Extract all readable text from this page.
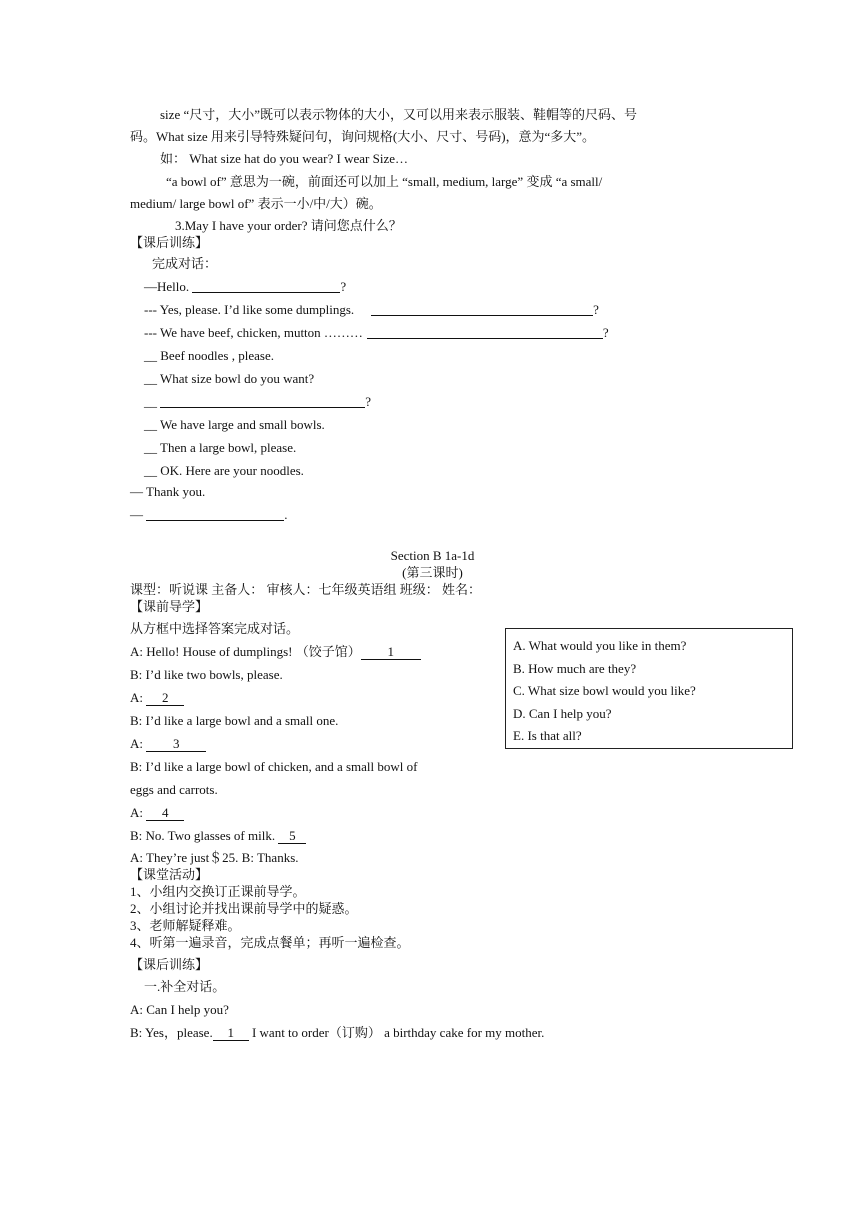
size “尺寸，大小”既可以表示物体的大小，又可以用来表示服装、鞋帽等的尺码、号
码。What size 用来引导特殊疑问句，询问规格(大小、尺寸、号码)，意为“多大”。
如： What size hat do you wear? I wear Size…
“a bowl of” 意思为一碗，前面还可以加上 “small, medium, large” 变成 “a small/
medium/ large bowl of” 表示一小/中/大）碗。
3.May I have your order? 请问您点什么？
【课后训练】
完成对话：
—Hello.	?
--- Yes, please. I’d like some dumplings.	?
--- We have beef, chicken, mutton ………	?
__ Beef noodles , please.
__ What size bowl do you want?
__	?
__ We have large and small bowls.
__ Then a large bowl, please.
__ OK. Here are your noodles.
— Thank you.
—	.
Section B 1a-1d
(第三课时)
课型：听说课 主备人： 审核人：七年级英语组 班级： 姓名：
【课前导学】
从方框中选择答案完成对话。
A: Hello! House of dumplings! （饺子馆） 1
B: I’d like two bowls, please.
A: 2
B: I’d like a large bowl and a small one.
A: 3
B: I’d like a large bowl of chicken, and a small bowl of
eggs and carrots.
A: 4
B: No. Two glasses of milk. 5
A: They’re just＄25. B: Thanks.
【课堂活动】
1、小组内交换订正课前导学。
2、小组讨论并找出课前导学中的疑惑。
3、老师解疑释难。
4、听第一遍录音，完成点餐单；再听一遍检查。
【课后训练】
一.补全对话。
A: Can I help you?
B: Yes，please. 1 I want to order（订购） a birthday cake for my mother.
A. What would you like in them?
B. How much are they?
C. What size bowl would you like?
D. Can I help you?
E. Is that all?
